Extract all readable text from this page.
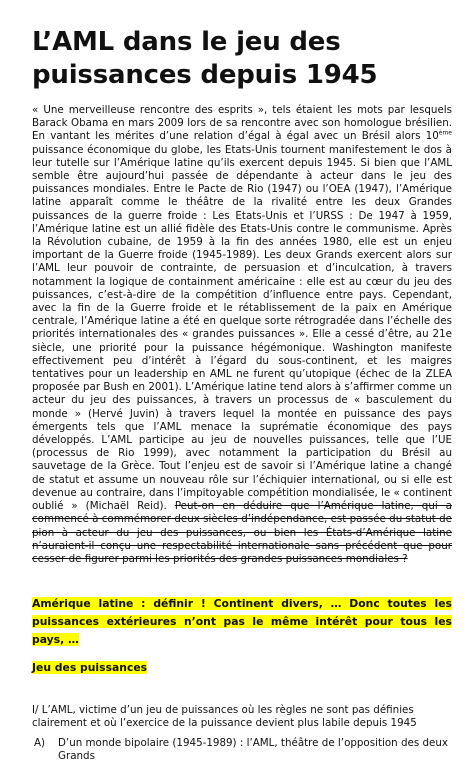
L’AML dans le jeu des puissances depuis 1945

« Une merveilleuse rencontre des esprits », tels étaient les mots par lesquels Barack Obama en mars 2009 lors de sa rencontre avec son homologue brésilien. En vantant les mérites d’une relation d’égal à égal avec un Brésil alors 10ème puissance économique du globe, les Etats-Unis tournent manifestement le dos à leur tutelle sur l’Amérique latine qu’ils exercent depuis 1945. Si bien que l’AML semble être aujourd’hui passée de dépendante à acteur dans le jeu des puissances mondiales. Entre le Pacte de Rio (1947) ou l’OEA (1947), l’Amérique latine apparaît comme le théâtre de la rivalité entre les deux Grandes puissances de la guerre froide : Les Etats-Unis et l’URSS : De 1947 à 1959, l’Amérique latine est un allié fidèle des Etats-Unis contre le communisme. Après la Révolution cubaine, de 1959 à la fin des années 1980, elle est un enjeu important de la Guerre froide (1945-1989). Les deux Grands exercent alors sur l’AML leur pouvoir de contrainte, de persuasion et d’inculcation, à travers notamment la logique de containment américaine : elle est au cœur du jeu des puissances, c’est-à-dire de la compétition d’influence entre pays. Cependant, avec la fin de la Guerre froide et le rétablissement de la paix en Amérique centrale, l’Amérique latine a été en quelque sorte rétrogradée dans l’échelle des priorités internationales des « grandes puissances ». Elle a cessé d’être, au 21e siècle, une priorité pour la puissance hégémonique. Washington manifeste effectivement peu d’intérêt à l’égard du sous-continent, et les maigres tentatives pour un leadership en AML ne furent qu’utopique (échec de la ZLEA proposée par Bush en 2001). L’Amérique latine tend alors à s’affirmer comme un acteur du jeu des puissances, à travers un processus de « basculement du monde » (Hervé Juvin) à travers lequel la montée en puissance des pays émergents tels que l’AML menace la suprématie économique des pays développés. L’AML participe au jeu de nouvelles puissances, telle que l’UE (processus de Rio 1999), avec notamment la participation du Brésil au sauvetage de la Grèce. Tout l’enjeu est de savoir si l’Amérique latine a changé de statut et assume un nouveau rôle sur l’échiquier international, ou si elle est devenue au contraire, dans l’impitoyable compétition mondialisée, le « continent oublié » (Michaël Reid). Peut-on en déduire que l’Amérique latine, qui a commencé à commémorer deux siècles d’indépendance, est passée du statut de pion à acteur du jeu des puissances, ou bien les États-d’Amérique latine n’auraient-il conçu une respectabilité internationale sans précédent que pour cesser de figurer parmi les priorités des grandes puissances mondiales ?

Amérique latine : définir ! Continent divers, … Donc toutes les puissances extérieures n’ont pas le même intérêt pour tous les pays, …

Jeu des puissances

I/ L’AML, victime d’un jeu de puissances où les règles ne sont pas définies clairement et où l’exercice de la puissance devient plus labile depuis 1945

A)	D’un monde bipolaire (1945-1989) : l’AML, théâtre de l’opposition des deux Grands
